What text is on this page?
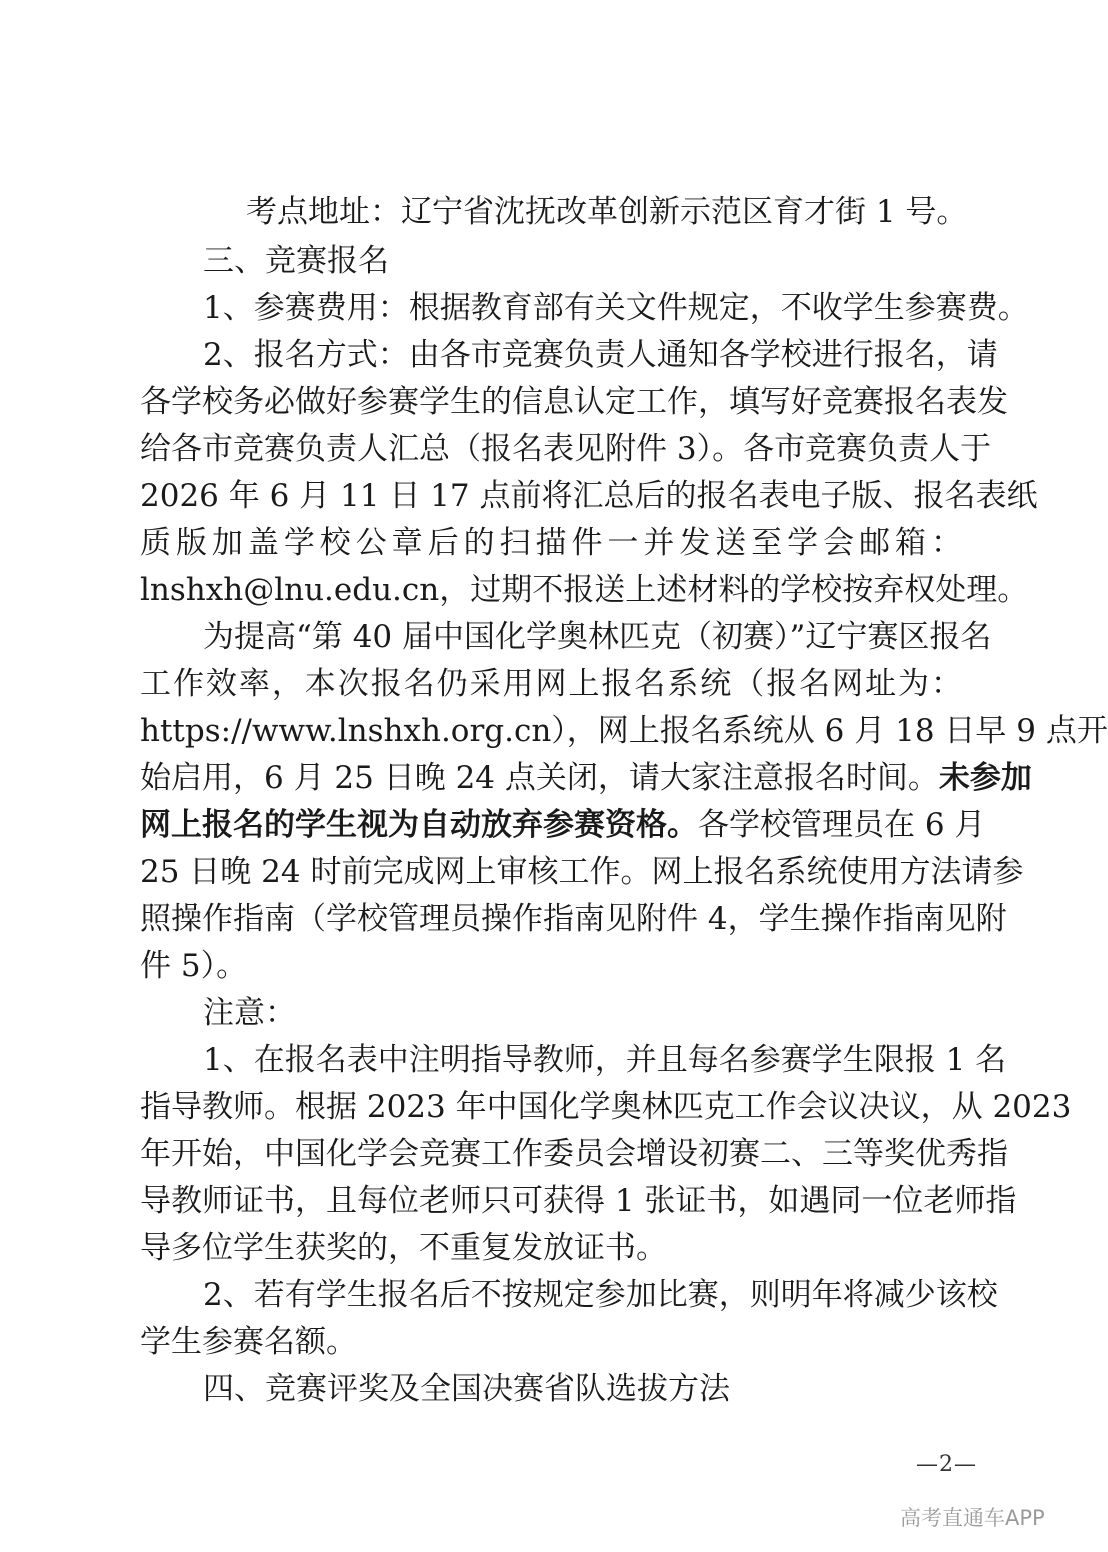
考点地址：辽宁省沈抚改革创新示范区育才街 1 号。
三、竞赛报名
1、参赛费用：根据教育部有关文件规定，不收学生参赛费。
2、报名方式：由各市竞赛负责人通知各学校进行报名，请
各学校务必做好参赛学生的信息认定工作，填写好竞赛报名表发
给各市竞赛负责人汇总（报名表见附件 3）。各市竞赛负责人于
2026 年 6 月 11 日 17 点前将汇总后的报名表电子版、报名表纸
质版加盖学校公章后的扫描件一并发送至学会邮箱：
lnshxh@lnu.edu.cn，过期不报送上述材料的学校按弃权处理。
为提高“第 40 届中国化学奥林匹克（初赛）”辽宁赛区报名
工作效率，本次报名仍采用网上报名系统（报名网址为：
https://www.lnshxh.org.cn），网上报名系统从 6 月 18 日早 9 点开
始启用，6 月 25 日晚 24 点关闭，请大家注意报名时间。未参加
网上报名的学生视为自动放弃参赛资格。各学校管理员在 6 月
25 日晚 24 时前完成网上审核工作。网上报名系统使用方法请参
照操作指南（学校管理员操作指南见附件 4，学生操作指南见附
件 5）。
注意：
1、在报名表中注明指导教师，并且每名参赛学生限报 1 名
指导教师。根据 2023 年中国化学奥林匹克工作会议决议，从 2023
年开始，中国化学会竞赛工作委员会增设初赛二、三等奖优秀指
导教师证书，且每位老师只可获得 1 张证书，如遇同一位老师指
导多位学生获奖的，不重复发放证书。
2、若有学生报名后不按规定参加比赛，则明年将减少该校
学生参赛名额。
四、竞赛评奖及全国决赛省队选拔方法
—2—
高考直通车APP
